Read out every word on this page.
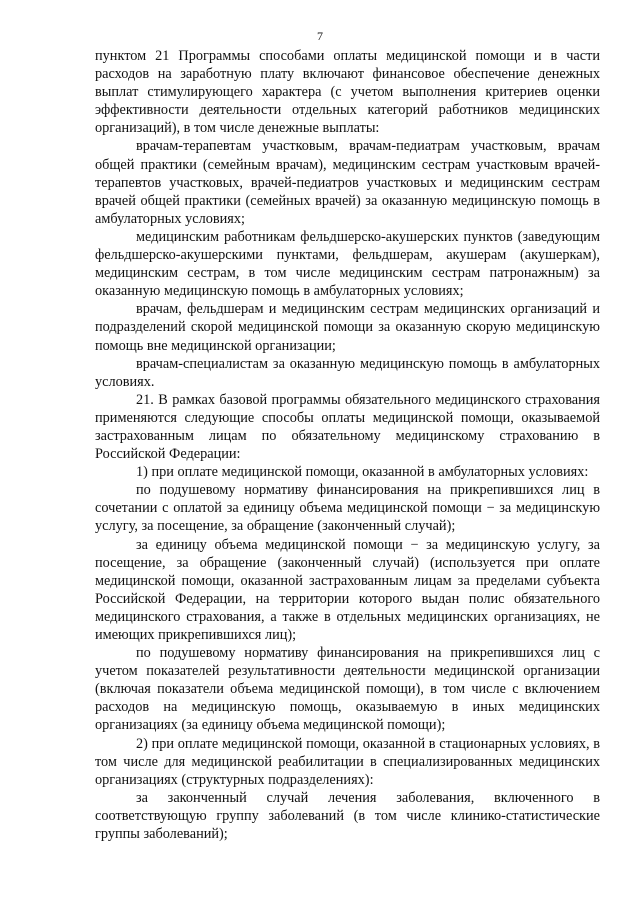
7

пунктом 21 Программы способами оплаты медицинской помощи и в части расходов на заработную плату включают финансовое обеспечение денежных выплат стимулирующего характера (с учетом выполнения критериев оценки эффективности деятельности отдельных категорий работников медицинских организаций), в том числе денежные выплаты:

врачам-терапевтам участковым, врачам-педиатрам участковым, врачам общей практики (семейным врачам), медицинским сестрам участковым врачей-терапевтов участковых, врачей-педиатров участковых и медицинским сестрам врачей общей практики (семейных врачей) за оказанную медицинскую помощь в амбулаторных условиях;

медицинским работникам фельдшерско-акушерских пунктов (заведующим фельдшерско-акушерскими пунктами, фельдшерам, акушерам (акушеркам), медицинским сестрам, в том числе медицинским сестрам патронажным) за оказанную медицинскую помощь в амбулаторных условиях;

врачам, фельдшерам и медицинским сестрам медицинских организаций и подразделений скорой медицинской помощи за оказанную скорую медицинскую помощь вне медицинской организации;

врачам-специалистам за оказанную медицинскую помощь в амбулаторных условиях.

21. В рамках базовой программы обязательного медицинского страхования применяются следующие способы оплаты медицинской помощи, оказываемой застрахованным лицам по обязательному медицинскому страхованию в Российской Федерации:

1) при оплате медицинской помощи, оказанной в амбулаторных условиях:

по подушевому нормативу финансирования на прикрепившихся лиц в сочетании с оплатой за единицу объема медицинской помощи − за медицинскую услугу, за посещение, за обращение (законченный случай);

за единицу объема медицинской помощи − за медицинскую услугу, за посещение, за обращение (законченный случай) (используется при оплате медицинской помощи, оказанной застрахованным лицам за пределами субъекта Российской Федерации, на территории которого выдан полис обязательного медицинского страхования, а также в отдельных медицинских организациях, не имеющих прикрепившихся лиц);

по подушевому нормативу финансирования на прикрепившихся лиц с учетом показателей результативности деятельности медицинской организации (включая показатели объема медицинской помощи), в том числе с включением расходов на медицинскую помощь, оказываемую в иных медицинских организациях (за единицу объема медицинской помощи);

2) при оплате медицинской помощи, оказанной в стационарных условиях, в том числе для медицинской реабилитации в специализированных медицинских организациях (структурных подразделениях):

за законченный случай лечения заболевания, включенного в соответствующую группу заболеваний (в том числе клинико-статистические группы заболеваний);
